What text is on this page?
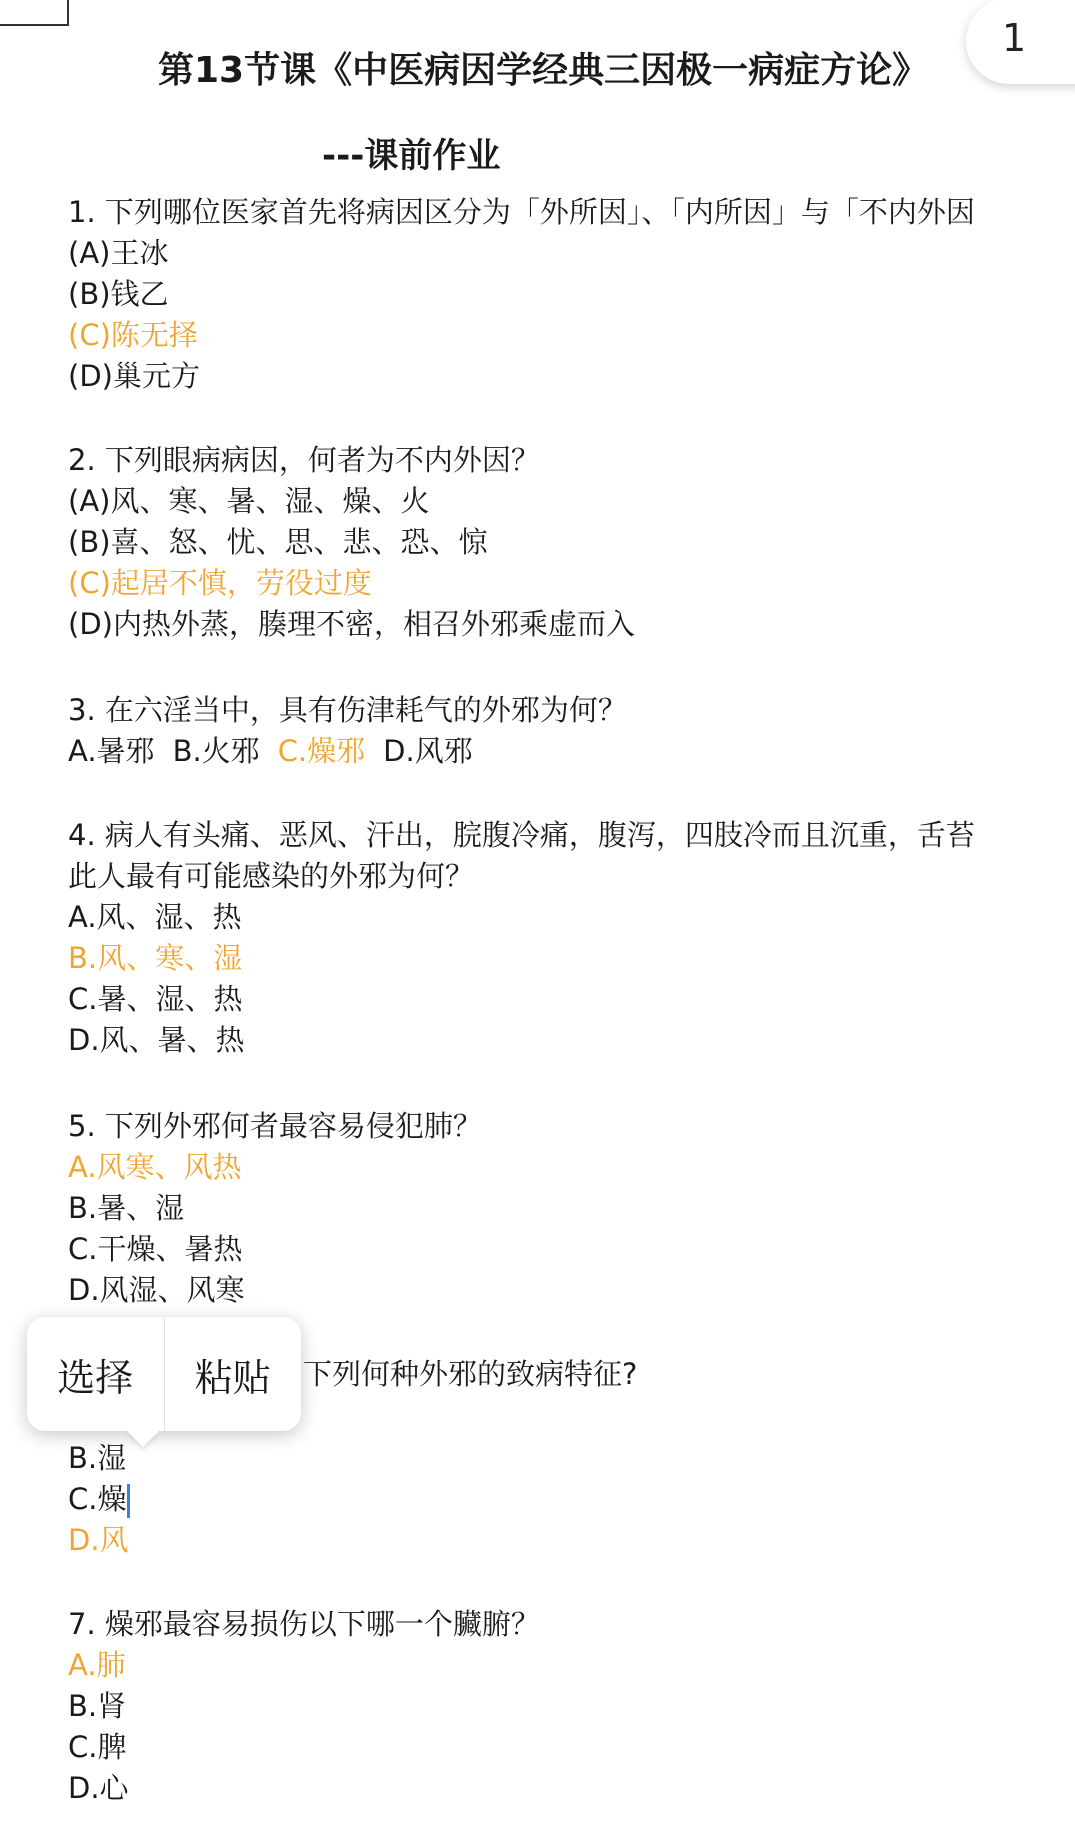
1
第13节课《中医病因学经典三因极一病症方论》
---课前作业
1. 下列哪位医家首先将病因区分为「外所因」、「内所因」与「不内外因
(A)王冰
(B)钱乙
(C)陈无择
(D)巢元方
2. 下列眼病病因，何者为不内外因？
(A)风、寒、暑、湿、燥、火
(B)喜、怒、忧、思、悲、恐、惊
(C)起居不慎，劳役过度
(D)内热外蒸，腠理不密，相召外邪乘虚而入
3. 在六淫当中，具有伤津耗气的外邪为何？
A.暑邪 B.火邪 C.燥邪 D.风邪
4. 病人有头痛、恶风、汗出，脘腹冷痛，腹泻，四肢冷而且沉重，舌苔
此人最有可能感染的外邪为何？
A.风、湿、热
B.风、寒、湿
C.暑、湿、热
D.风、暑、热
5. 下列外邪何者最容易侵犯肺？
A.风寒、风热
B.暑、湿
C.干燥、暑热
D.风湿、风寒
下列何种外邪的致病特征?
B.湿
C.燥
D.风
7. 燥邪最容易损伤以下哪一个臟腑？
A.肺
B.肾
C.脾
D.心
选择	粘贴
